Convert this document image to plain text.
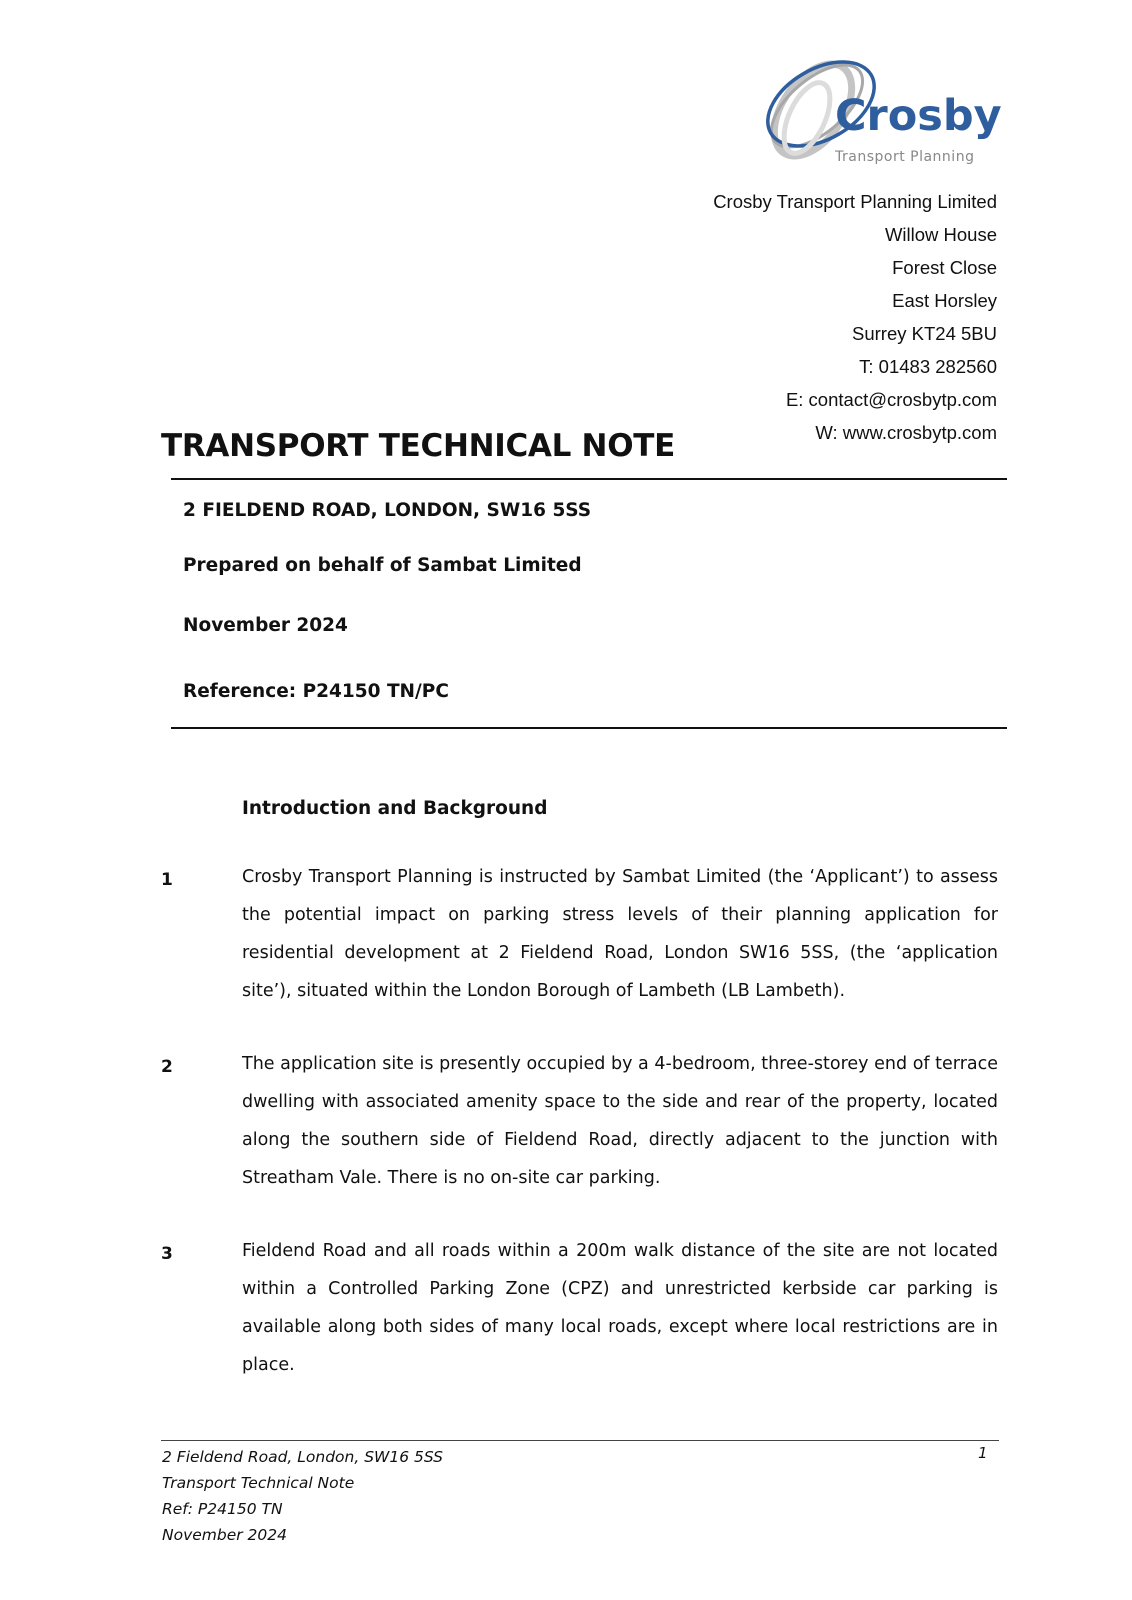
Crosby
Transport Planning
Crosby Transport Planning Limited
Willow House
Forest Close
East Horsley
Surrey KT24 5BU
T: 01483 282560
E: contact@crosbytp.com
W: www.crosbytp.com
TRANSPORT TECHNICAL NOTE
2 FIELDEND ROAD, LONDON, SW16 5SS
Prepared on behalf of Sambat Limited
November 2024
Reference: P24150 TN/PC
Introduction and Background
1	Crosby Transport Planning is instructed by Sambat Limited (the ‘Applicant’) to assess the potential impact on parking stress levels of their planning application for residential development at 2 Fieldend Road, London SW16 5SS, (the ‘application site’), situated within the London Borough of Lambeth (LB Lambeth).
2	The application site is presently occupied by a 4-bedroom, three-storey end of terrace dwelling with associated amenity space to the side and rear of the property, located along the southern side of Fieldend Road, directly adjacent to the junction with Streatham Vale. There is no on-site car parking.
3	Fieldend Road and all roads within a 200m walk distance of the site are not located within a Controlled Parking Zone (CPZ) and unrestricted kerbside car parking is available along both sides of many local roads, except where local restrictions are in place.
2 Fieldend Road, London, SW16 5SS
Transport Technical Note
Ref: P24150 TN
November 2024
1
